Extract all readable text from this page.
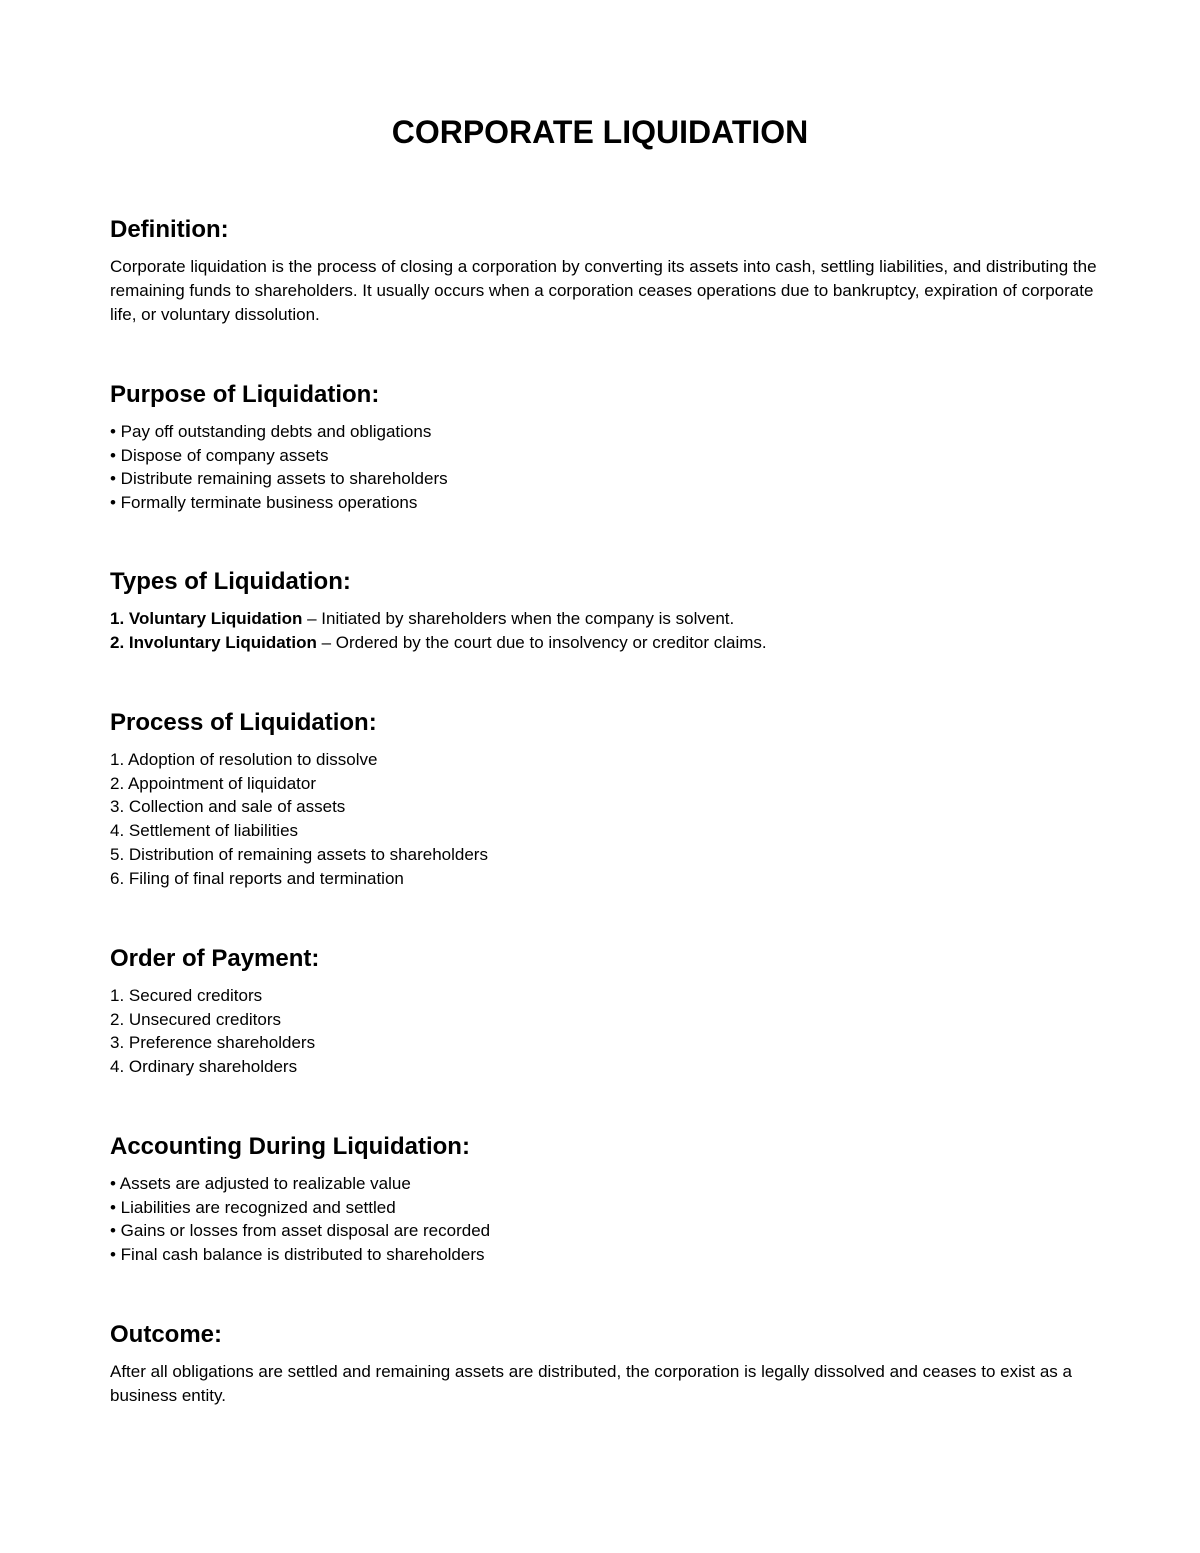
CORPORATE LIQUIDATION
Definition:

Corporate liquidation is the process of closing a corporation by converting its assets into cash, settling liabilities, and distributing the remaining funds to shareholders. It usually occurs when a corporation ceases operations due to bankruptcy, expiration of corporate life, or voluntary dissolution.

Purpose of Liquidation:
• Pay off outstanding debts and obligations
• Dispose of company assets
• Distribute remaining assets to shareholders
• Formally terminate business operations
Types of Liquidation:
1. Voluntary Liquidation – Initiated by shareholders when the company is solvent.
2. Involuntary Liquidation – Ordered by the court due to insolvency or creditor claims.
Process of Liquidation:
1. Adoption of resolution to dissolve
2. Appointment of liquidator
3. Collection and sale of assets
4. Settlement of liabilities
5. Distribution of remaining assets to shareholders
6. Filing of final reports and termination
Order of Payment:
1. Secured creditors
2. Unsecured creditors
3. Preference shareholders
4. Ordinary shareholders
Accounting During Liquidation:
• Assets are adjusted to realizable value
• Liabilities are recognized and settled
• Gains or losses from asset disposal are recorded
• Final cash balance is distributed to shareholders
Outcome:

After all obligations are settled and remaining assets are distributed, the corporation is legally dissolved and ceases to exist as a business entity.
